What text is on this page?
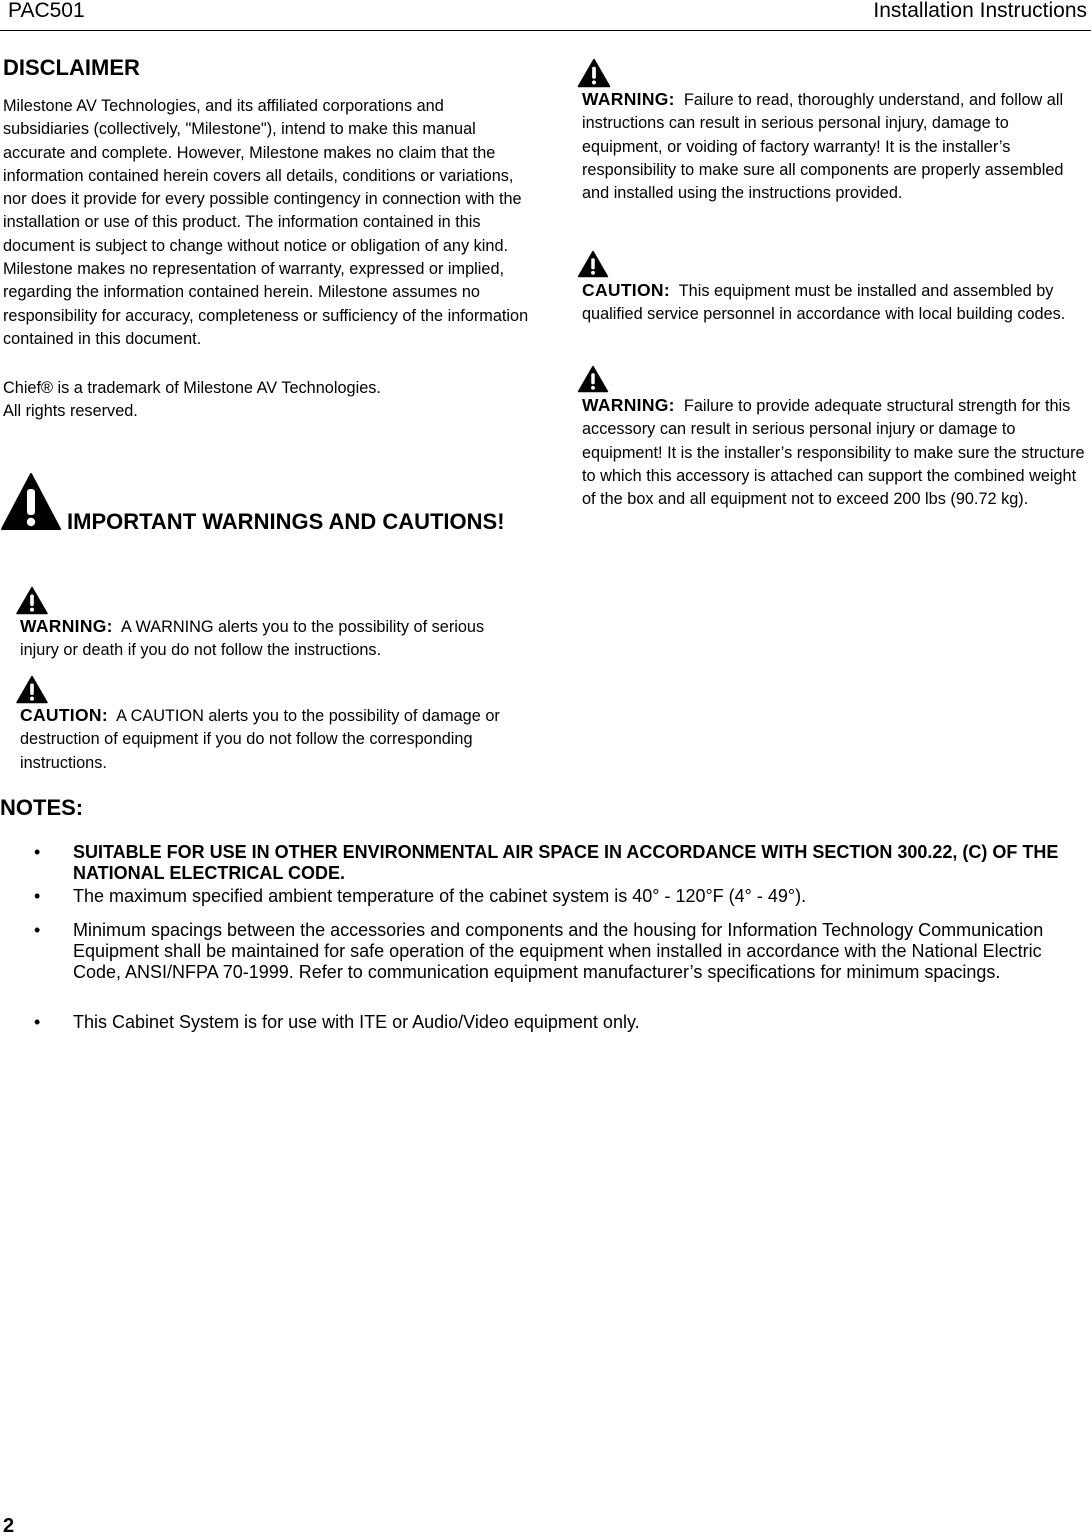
PAC501	Installation Instructions
DISCLAIMER
Milestone AV Technologies, and its affiliated corporations and subsidiaries (collectively, "Milestone"), intend to make this manual accurate and complete. However, Milestone makes no claim that the information contained herein covers all details, conditions or variations, nor does it provide for every possible contingency in connection with the installation or use of this product. The information contained in this document is subject to change without notice or obligation of any kind. Milestone makes no representation of warranty, expressed or implied, regarding the information contained herein. Milestone assumes no responsibility for accuracy, completeness or sufficiency of the information contained in this document.
Chief® is a trademark of Milestone AV Technologies.
All rights reserved.
IMPORTANT WARNINGS AND CAUTIONS!
WARNING: A WARNING alerts you to the possibility of serious injury or death if you do not follow the instructions.
CAUTION: A CAUTION alerts you to the possibility of damage or destruction of equipment if you do not follow the corresponding instructions.
WARNING: Failure to read, thoroughly understand, and follow all instructions can result in serious personal injury, damage to equipment, or voiding of factory warranty! It is the installer’s responsibility to make sure all components are properly assembled and installed using the instructions provided.
CAUTION: This equipment must be installed and assembled by qualified service personnel in accordance with local building codes.
WARNING: Failure to provide adequate structural strength for this accessory can result in serious personal injury or damage to equipment! It is the installer’s responsibility to make sure the structure to which this accessory is attached can support the combined weight of the box and all equipment not to exceed 200 lbs (90.72 kg).
NOTES:
• SUITABLE FOR USE IN OTHER ENVIRONMENTAL AIR SPACE IN ACCORDANCE WITH SECTION 300.22, (C) OF THE NATIONAL ELECTRICAL CODE.
• The maximum specified ambient temperature of the cabinet system is 40° - 120°F (4° - 49°).
• Minimum spacings between the accessories and components and the housing for Information Technology Communication Equipment shall be maintained for safe operation of the equipment when installed in accordance with the National Electric Code, ANSI/NFPA 70-1999. Refer to communication equipment manufacturer’s specifications for minimum spacings.
• This Cabinet System is for use with ITE or Audio/Video equipment only.
2
